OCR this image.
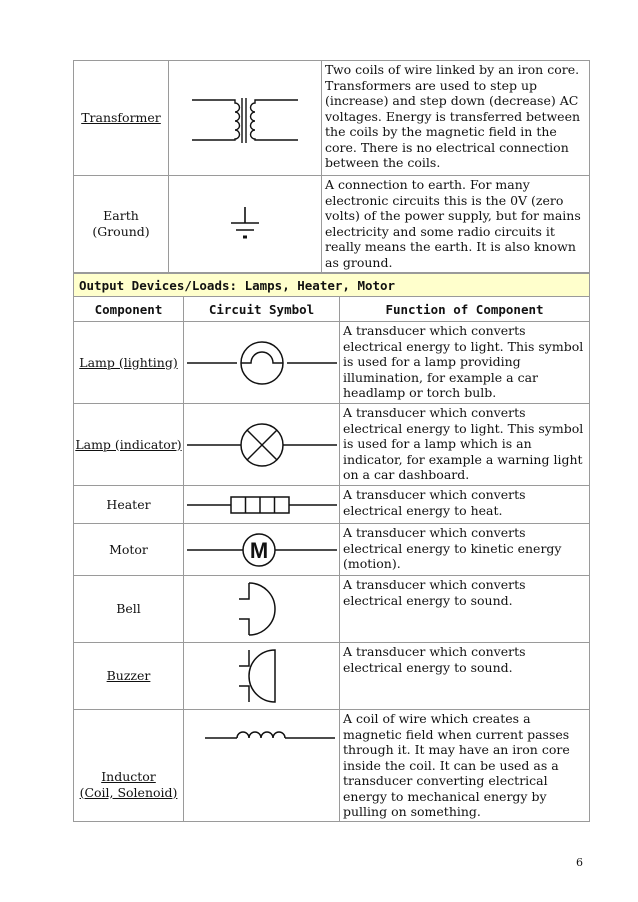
Transformer		Two coils of wire linked by an iron core. Transformers are used to step up (increase) and step down (decrease) AC voltages. Energy is transferred between the coils by the magnetic field in the core. There is no electrical connection between the coils.

Earth
(Ground)		A connection to earth. For many electronic circuits this is the 0V (zero volts) of the power supply, but for mains electricity and some radio circuits it really means the earth. It is also known as ground.
Output Devices/Loads: Lamps, Heater, Motor		
Component	Circuit Symbol	Function of Component
Lamp (lighting)		A transducer which converts electrical energy to light. This symbol is used for a lamp providing illumination, for example a car headlamp or torch bulb.
Lamp (indicator)		A transducer which converts electrical energy to light. This symbol is used for a lamp which is an indicator, for example a warning light on a car dashboard.
Heater		A transducer which converts electrical energy to heat.
Motor	M	A transducer which converts electrical energy to kinetic energy (motion).
Bell		A transducer which converts electrical energy to sound.
Buzzer		A transducer which converts electrical energy to sound.

Inductor
(Coil, Solenoid)		A coil of wire which creates a magnetic field when current passes through it. It may have an iron core inside the coil. It can be used as a transducer converting electrical energy to mechanical energy by pulling on something.
6
